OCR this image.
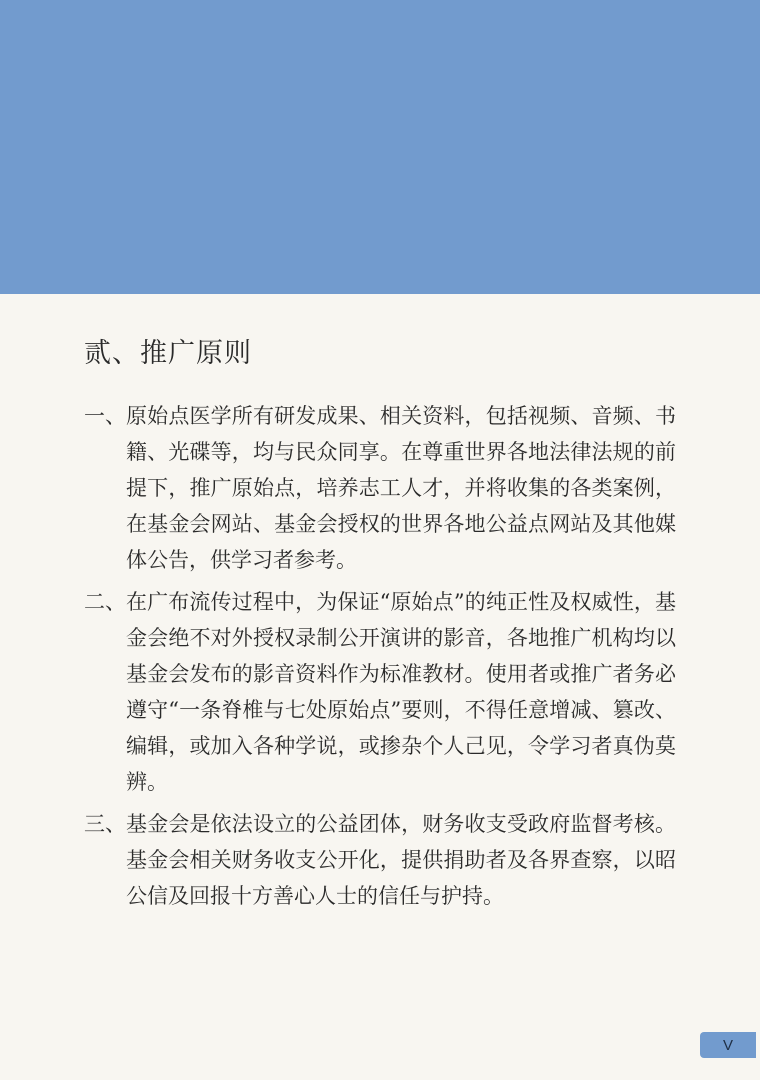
贰、推广原则
一、 原始点医学所有研发成果、相关资料，包括视频、音频、书籍、光碟等，均与民众同享。在尊重世界各地法律法规的前提下，推广原始点，培养志工人才，并将收集的各类案例，在基金会网站、基金会授权的世界各地公益点网站及其他媒体公告，供学习者参考。

二、 在广布流传过程中，为保证“原始点”的纯正性及权威性，基金会绝不对外授权录制公开演讲的影音，各地推广机构均以基金会发布的影音资料作为标准教材。使用者或推广者务必遵守“一条脊椎与七处原始点”要则，不得任意增减、篡改、编辑，或加入各种学说，或掺杂个人己见，令学习者真伪莫辨。

三、 基金会是依法设立的公益团体，财务收支受政府监督考核。基金会相关财务收支公开化，提供捐助者及各界查察，以昭公信及回报十方善心人士的信任与护持。

V
